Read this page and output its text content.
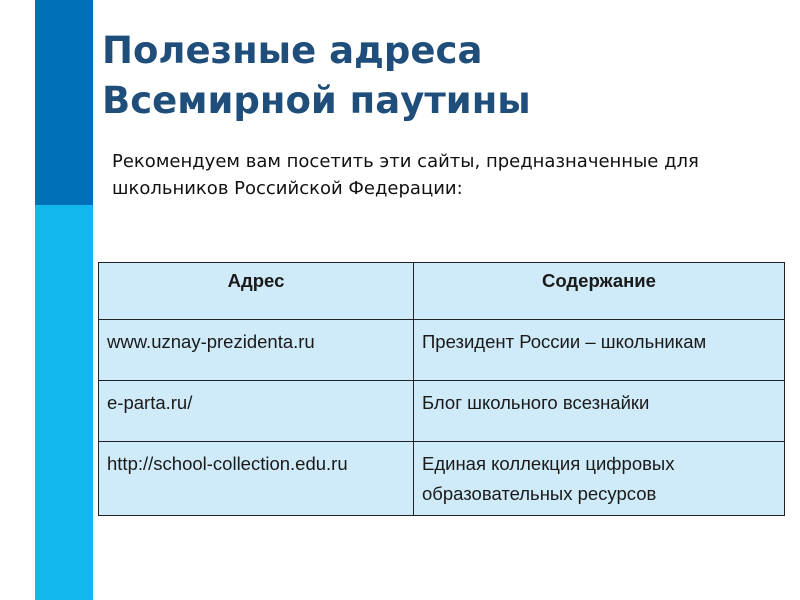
Полезные адреса
Всемирной паутины

Рекомендуем вам посетить эти сайты, предназначенные для школьников Российской Федерации:

Адрес	Содержание
www.uznay-prezidenta.ru	Президент России – школьникам
e-parta.ru/	Блог школьного всезнайки
http://school-collection.edu.ru	Единая коллекция цифровых образовательных ресурсов
